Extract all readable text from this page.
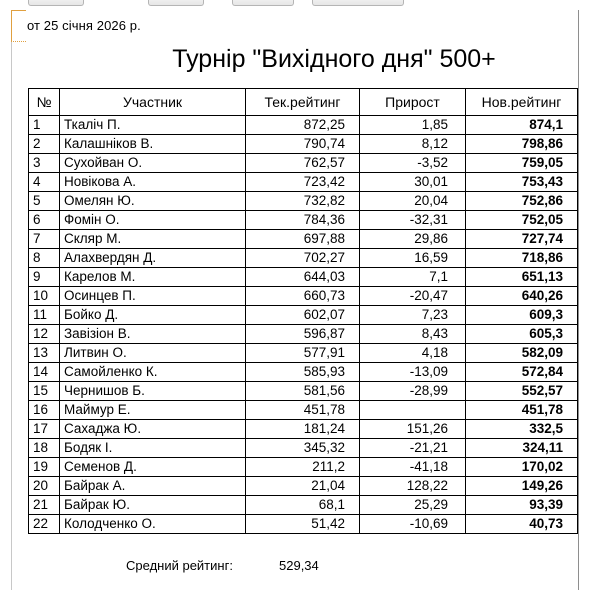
от 25 січня 2026 р.
Турнір "Вихідного дня" 500+
№	Участник	Тек.рейтинг	Прирост	Нов.рейтинг
1	Ткаліч П.	872,25	1,85	874,1
2	Калашніков В.	790,74	8,12	798,86
3	Сухойван О.	762,57	-3,52	759,05
4	Новікова А.	723,42	30,01	753,43
5	Омелян Ю.	732,82	20,04	752,86
6	Фомін О.	784,36	-32,31	752,05
7	Скляр М.	697,88	29,86	727,74
8	Алахвердян Д.	702,27	16,59	718,86
9	Карелов М.	644,03	7,1	651,13
10	Осинцев П.	660,73	-20,47	640,26
11	Бойко Д.	602,07	7,23	609,3
12	Завізіон В.	596,87	8,43	605,3
13	Литвин О.	577,91	4,18	582,09
14	Самойленко К.	585,93	-13,09	572,84
15	Чернишов Б.	581,56	-28,99	552,57
16	Маймур Е.	451,78		451,78
17	Сахаджа Ю.	181,24	151,26	332,5
18	Бодяк І.	345,32	-21,21	324,11
19	Семенов Д.	211,2	-41,18	170,02
20	Байрак А.	21,04	128,22	149,26
21	Байрак Ю.	68,1	25,29	93,39
22	Колодченко О.	51,42	-10,69	40,73
Средний рейтинг:	529,34
